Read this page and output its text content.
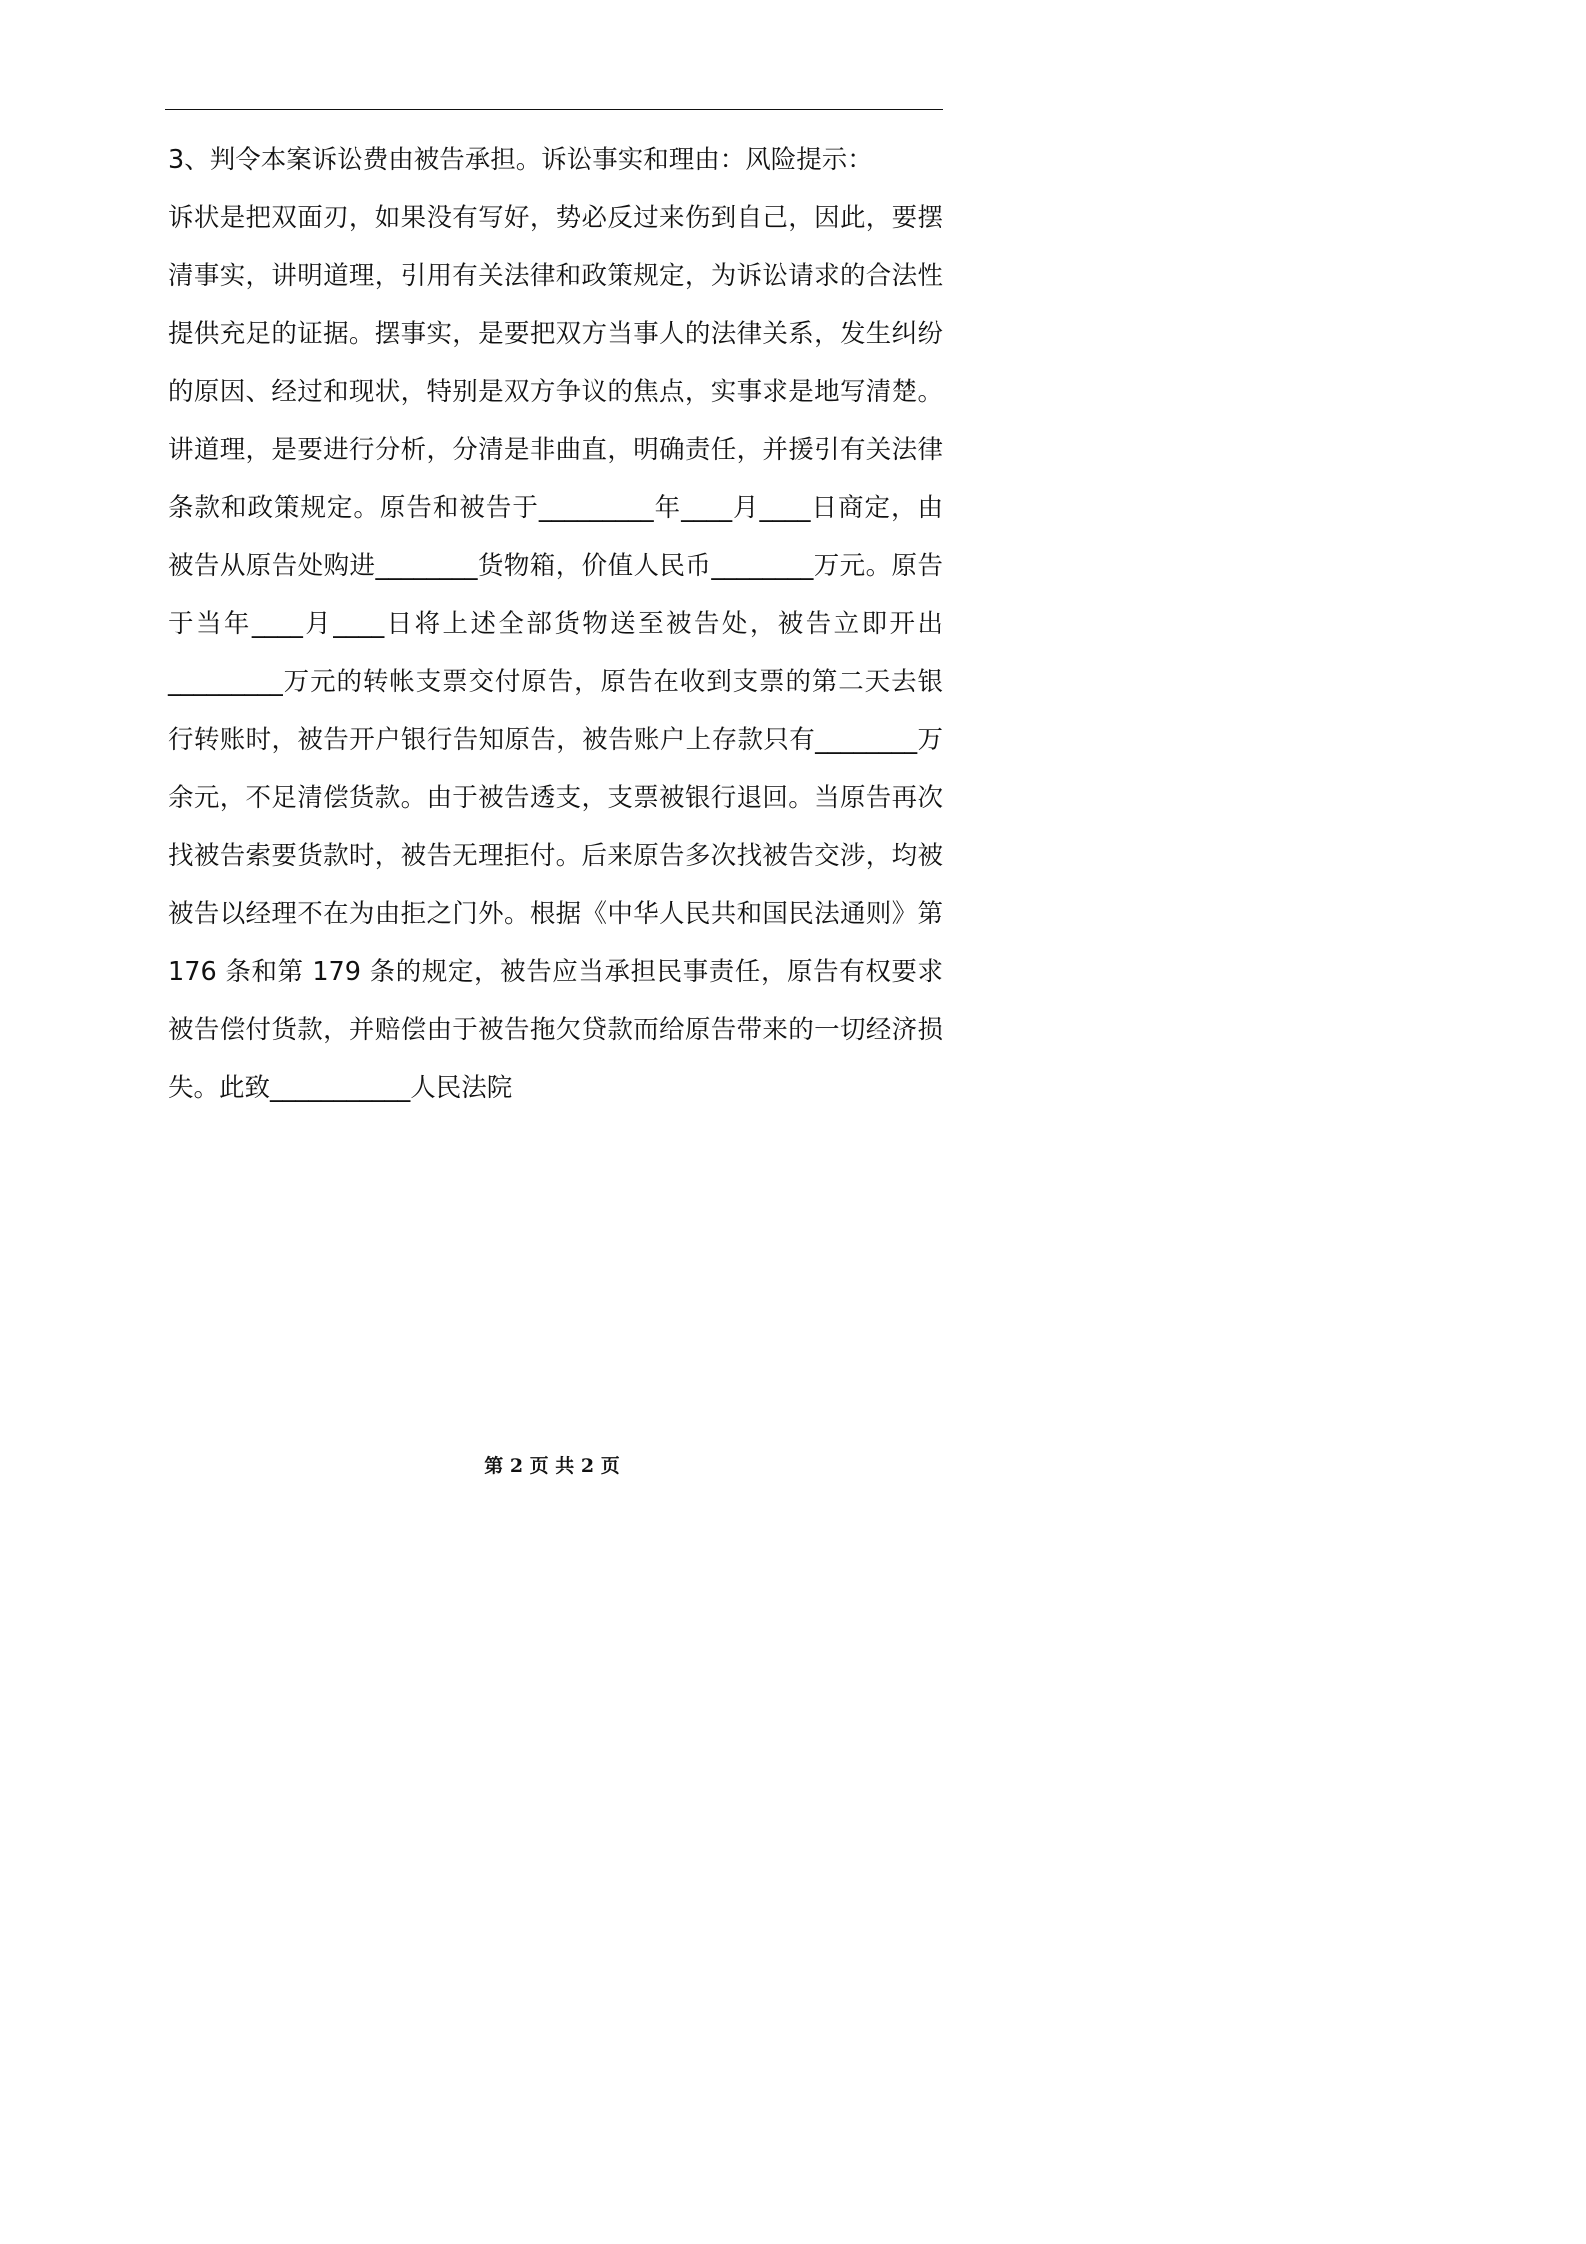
3、判令本案诉讼费由被告承担。诉讼事实和理由：风险提示：
诉状是把双面刃，如果没有写好，势必反过来伤到自己，因此，要摆
清事实，讲明道理，引用有关法律和政策规定，为诉讼请求的合法性
提供充足的证据。摆事实，是要把双方当事人的法律关系，发生纠纷
的原因、经过和现状，特别是双方争议的焦点，实事求是地写清楚。
讲道理，是要进行分析，分清是非曲直，明确责任，并援引有关法律
条款和政策规定。原告和被告于_________年____月____日商定，由
被告从原告处购进________货物箱，价值人民币________万元。原告
于当年____月____日将上述全部货物送至被告处，被告立即开出
_________万元的转帐支票交付原告，原告在收到支票的第二天去银
行转账时，被告开户银行告知原告，被告账户上存款只有________万
余元，不足清偿货款。由于被告透支，支票被银行退回。当原告再次
找被告索要货款时，被告无理拒付。后来原告多次找被告交涉，均被
被告以经理不在为由拒之门外。根据《中华人民共和国民法通则》第
176 条和第 179 条的规定，被告应当承担民事责任，原告有权要求
被告偿付货款，并赔偿由于被告拖欠贷款而给原告带来的一切经济损
失。此致___________人民法院
第 2 页 共 2 页
